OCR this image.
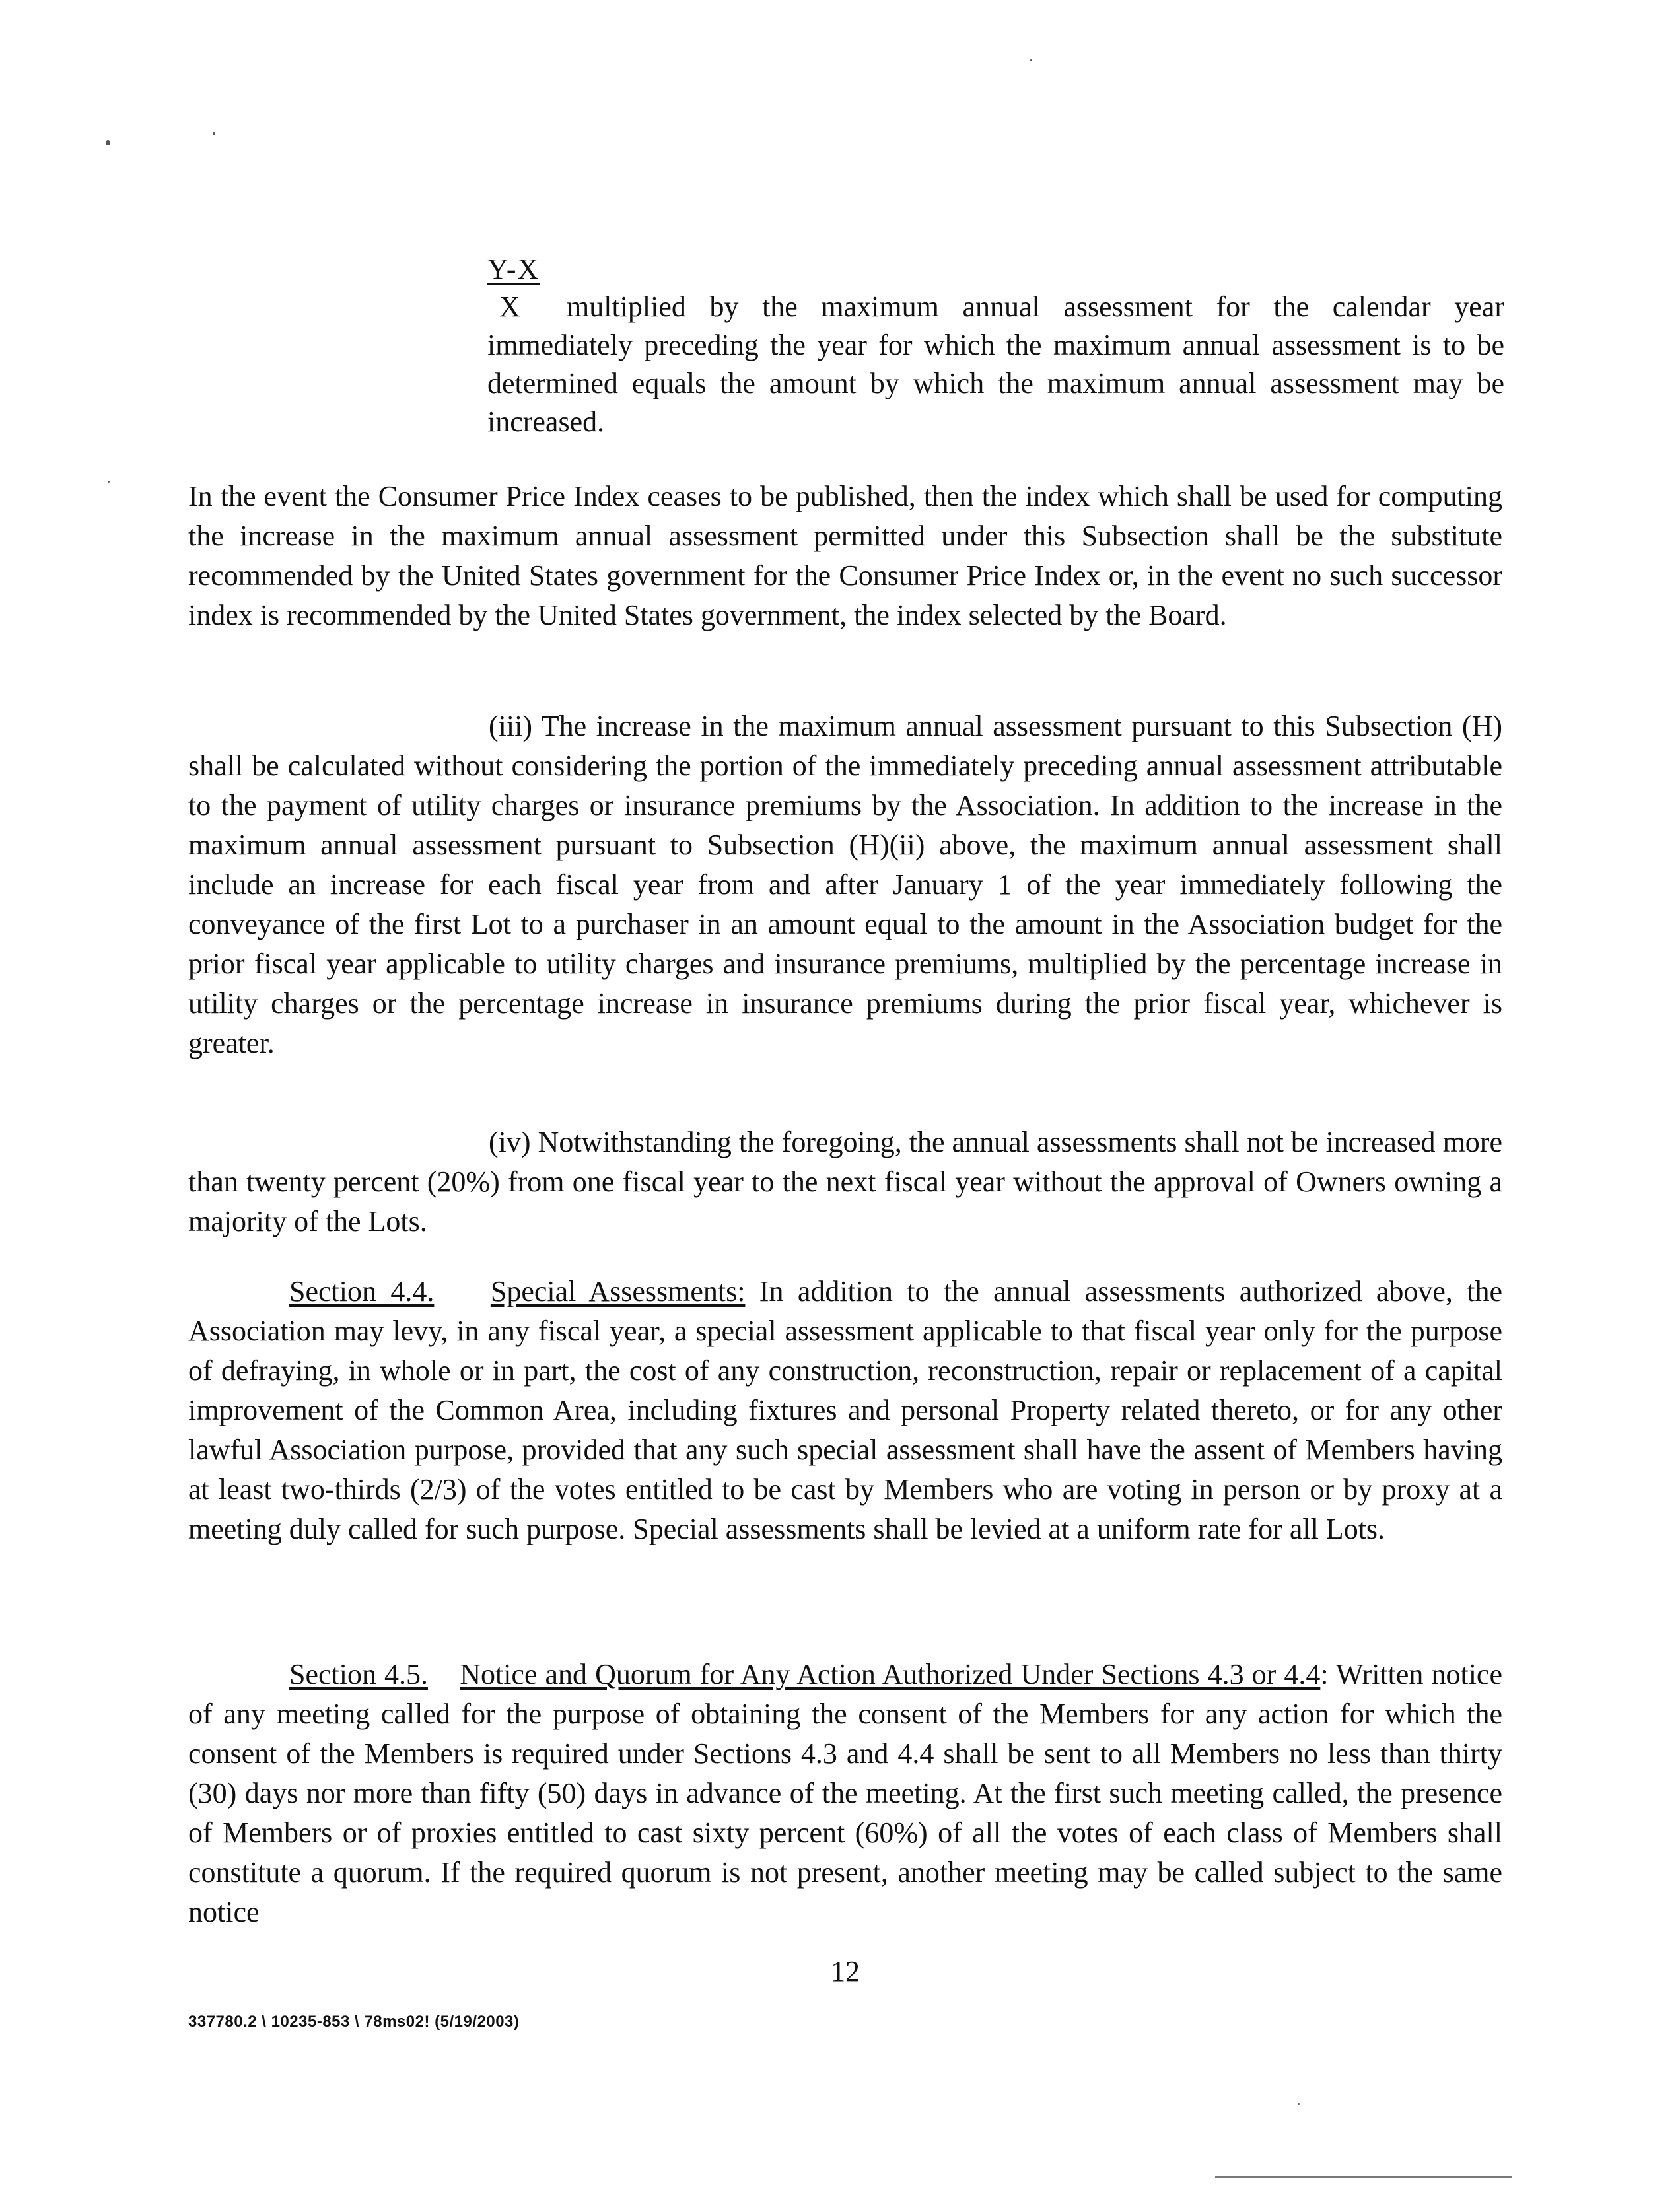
Y-X
X multiplied by the maximum annual assessment for the calendar year immediately preceding the year for which the maximum annual assessment is to be determined equals the amount by which the maximum annual assessment may be increased.

In the event the Consumer Price Index ceases to be published, then the index which shall be used for computing the increase in the maximum annual assessment permitted under this Subsection shall be the substitute recommended by the United States government for the Consumer Price Index or, in the event no such successor index is recommended by the United States government, the index selected by the Board.

(iii) The increase in the maximum annual assessment pursuant to this Subsection (H) shall be calculated without considering the portion of the immediately preceding annual assessment attributable to the payment of utility charges or insurance premiums by the Association. In addition to the increase in the maximum annual assessment pursuant to Subsection (H)(ii) above, the maximum annual assessment shall include an increase for each fiscal year from and after January 1 of the year immediately following the conveyance of the first Lot to a purchaser in an amount equal to the amount in the Association budget for the prior fiscal year applicable to utility charges and insurance premiums, multiplied by the percentage increase in utility charges or the percentage increase in insurance premiums during the prior fiscal year, whichever is greater.

(iv) Notwithstanding the foregoing, the annual assessments shall not be increased more than twenty percent (20%) from one fiscal year to the next fiscal year without the approval of Owners owning a majority of the Lots.

Section 4.4. Special Assessments: In addition to the annual assessments authorized above, the Association may levy, in any fiscal year, a special assessment applicable to that fiscal year only for the purpose of defraying, in whole or in part, the cost of any construction, reconstruction, repair or replacement of a capital improvement of the Common Area, including fixtures and personal Property related thereto, or for any other lawful Association purpose, provided that any such special assessment shall have the assent of Members having at least two-thirds (2/3) of the votes entitled to be cast by Members who are voting in person or by proxy at a meeting duly called for such purpose. Special assessments shall be levied at a uniform rate for all Lots.

Section 4.5. Notice and Quorum for Any Action Authorized Under Sections 4.3 or 4.4: Written notice of any meeting called for the purpose of obtaining the consent of the Members for any action for which the consent of the Members is required under Sections 4.3 and 4.4 shall be sent to all Members no less than thirty (30) days nor more than fifty (50) days in advance of the meeting. At the first such meeting called, the presence of Members or of proxies entitled to cast sixty percent (60%) of all the votes of each class of Members shall constitute a quorum. If the required quorum is not present, another meeting may be called subject to the same notice

12
337780.2 \ 10235-853 \ 78ms02! (5/19/2003)
